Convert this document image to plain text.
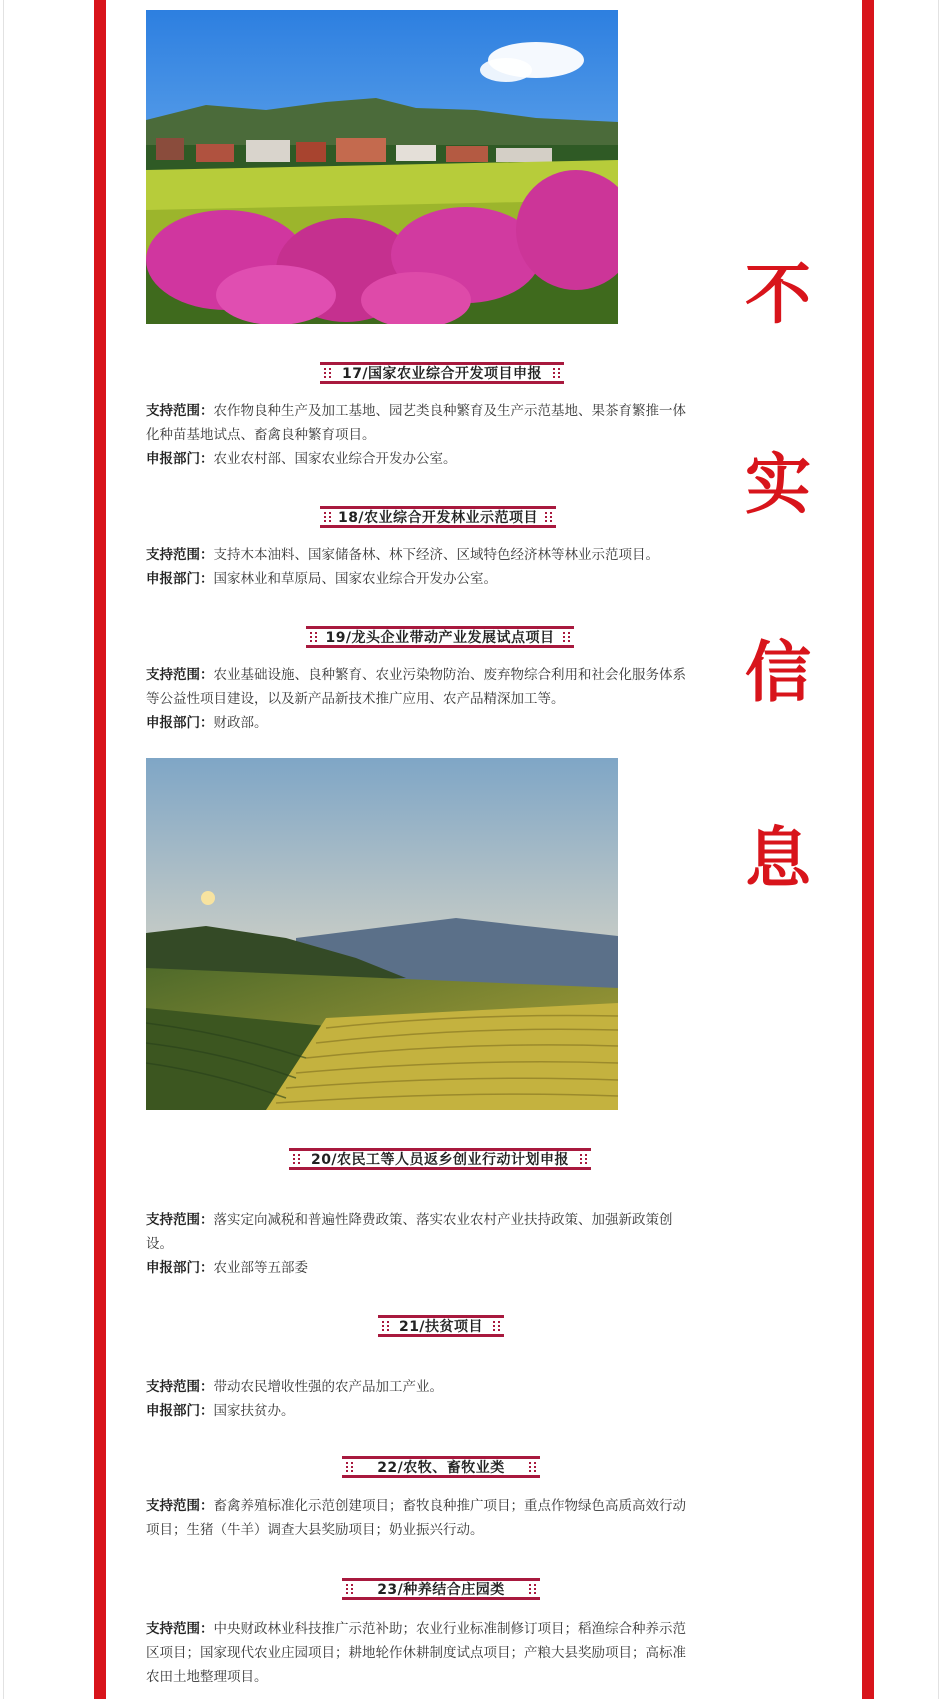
17/国家农业综合开发项目申报
支持范围：农作物良种生产及加工基地、园艺类良种繁育及生产示范基地、果茶育繁推一体
化种苗基地试点、畜禽良种繁育项目。
申报部门：农业农村部、国家农业综合开发办公室。
18/农业综合开发林业示范项目
支持范围：支持木本油料、国家储备林、林下经济、区域特色经济林等林业示范项目。
申报部门：国家林业和草原局、国家农业综合开发办公室。
19/龙头企业带动产业发展试点项目
支持范围：农业基础设施、良种繁育、农业污染物防治、废弃物综合利用和社会化服务体系
等公益性项目建设，以及新产品新技术推广应用、农产品精深加工等。
申报部门：财政部。
20/农民工等人员返乡创业行动计划申报
支持范围：落实定向减税和普遍性降费政策、落实农业农村产业扶持政策、加强新政策创
设。
申报部门：农业部等五部委
21/扶贫项目
支持范围：带动农民增收性强的农产品加工产业。
申报部门：国家扶贫办。
22/农牧、畜牧业类
支持范围：畜禽养殖标准化示范创建项目；畜牧良种推广项目；重点作物绿色高质高效行动
项目；生猪（牛羊）调查大县奖励项目；奶业振兴行动。
23/种养结合庄园类
支持范围：中央财政林业科技推广示范补助；农业行业标准制修订项目；稻渔综合种养示范
区项目；国家现代农业庄园项目；耕地轮作休耕制度试点项目；产粮大县奖励项目；高标准
农田土地整理项目。
不
实
信
息
